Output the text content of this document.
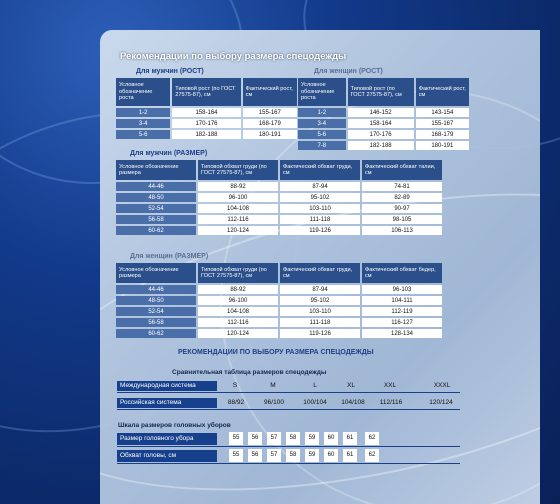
Рекомендации по выбору размера спецодежды
Для мужчин (РОСТ)
Условное обозначение роста	Типовой рост (по ГОСТ 27575-87), см	Фактический рост, см
1-2	158-164	155-167
3-4	170-176	168-179
5-6	182-188	180-191
Для женщин (РОСТ)
Условное обозначение роста	Типовой рост (по ГОСТ 27575-87), см	Фактический рост, см
1-2	146-152	143-154
3-4	158-164	155-167
5-6	170-176	168-179
7-8	182-188	180-191
Для мужчин (РАЗМЕР)
Условное обозначение размера	Типовой обхват груди (по ГОСТ 27575-87), см	Фактический обхват груди, см	Фактический обхват талии, см
44-46	88-92	87-94	74-81
48-50	96-100	95-102	82-89
52-54	104-108	103-110	90-97
56-58	112-116	111-118	98-105
60-62	120-124	119-126	106-113
Для женщин (РАЗМЕР)
Условное обозначение размера	Типовой обхват груди (по ГОСТ 27575-87), см	Фактический обхват груди, см	Фактический обхват бедер, см
44-46	88-92	87-94	96-103
48-50	96-100	95-102	104-111
52-54	104-108	103-110	112-119
56-58	112-116	111-118	116-127
60-62	120-124	119-126	128-134
РЕКОМЕНДАЦИИ ПО ВЫБОРУ РАЗМЕРА СПЕЦОДЕЖДЫ
Сравнительная таблица размеров спецодежды
Международная система	S	M	L	XL	XXL	XXXL
Российская система	88/92	96/100	100/104	104/108	112/116	120/124
Шкала размеров головных уборов
Размер головного убора	55	56	57	58	59	60	61	62
Обхват головы, см	55	56	57	58	59	60	61	62
